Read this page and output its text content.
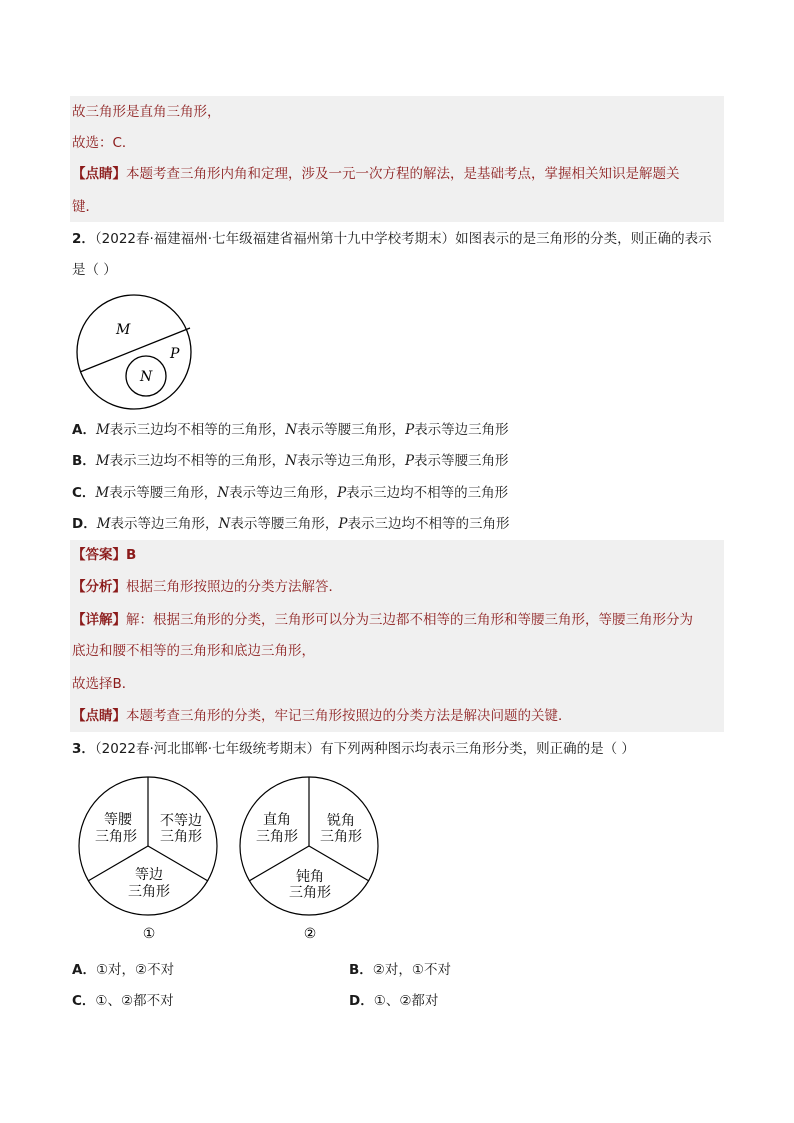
故三角形是直角三角形，
故选：C．
【点睛】本题考查三角形内角和定理，涉及一元一次方程的解法，是基础考点，掌握相关知识是解题关
键．
2．（2022春·福建福州·七年级福建省福州第十九中学校考期末）如图表示的是三角形的分类，则正确的表示
是（ ）
M
P
N
A．M表示三边均不相等的三角形，N表示等腰三角形，P表示等边三角形
B．M表示三边均不相等的三角形，N表示等边三角形，P表示等腰三角形
C．M表示等腰三角形，N表示等边三角形，P表示三边均不相等的三角形
D．M表示等边三角形，N表示等腰三角形，P表示三边均不相等的三角形
【答案】B
【分析】根据三角形按照边的分类方法解答．
【详解】解：根据三角形的分类，三角形可以分为三边都不相等的三角形和等腰三角形，等腰三角形分为
底边和腰不相等的三角形和底边三角形，
故选择B．
【点睛】本题考查三角形的分类，牢记三角形按照边的分类方法是解决问题的关键．
3．（2022春·河北邯郸·七年级统考期末）有下列两种图示均表示三角形分类，则正确的是（ ）
等腰
三角形
不等边
三角形
等边
三角形
①
直角
三角形
锐角
三角形
钝角
三角形
②
A．①对，②不对	B．②对，①不对
C．①、②都不对	D．①、②都对
